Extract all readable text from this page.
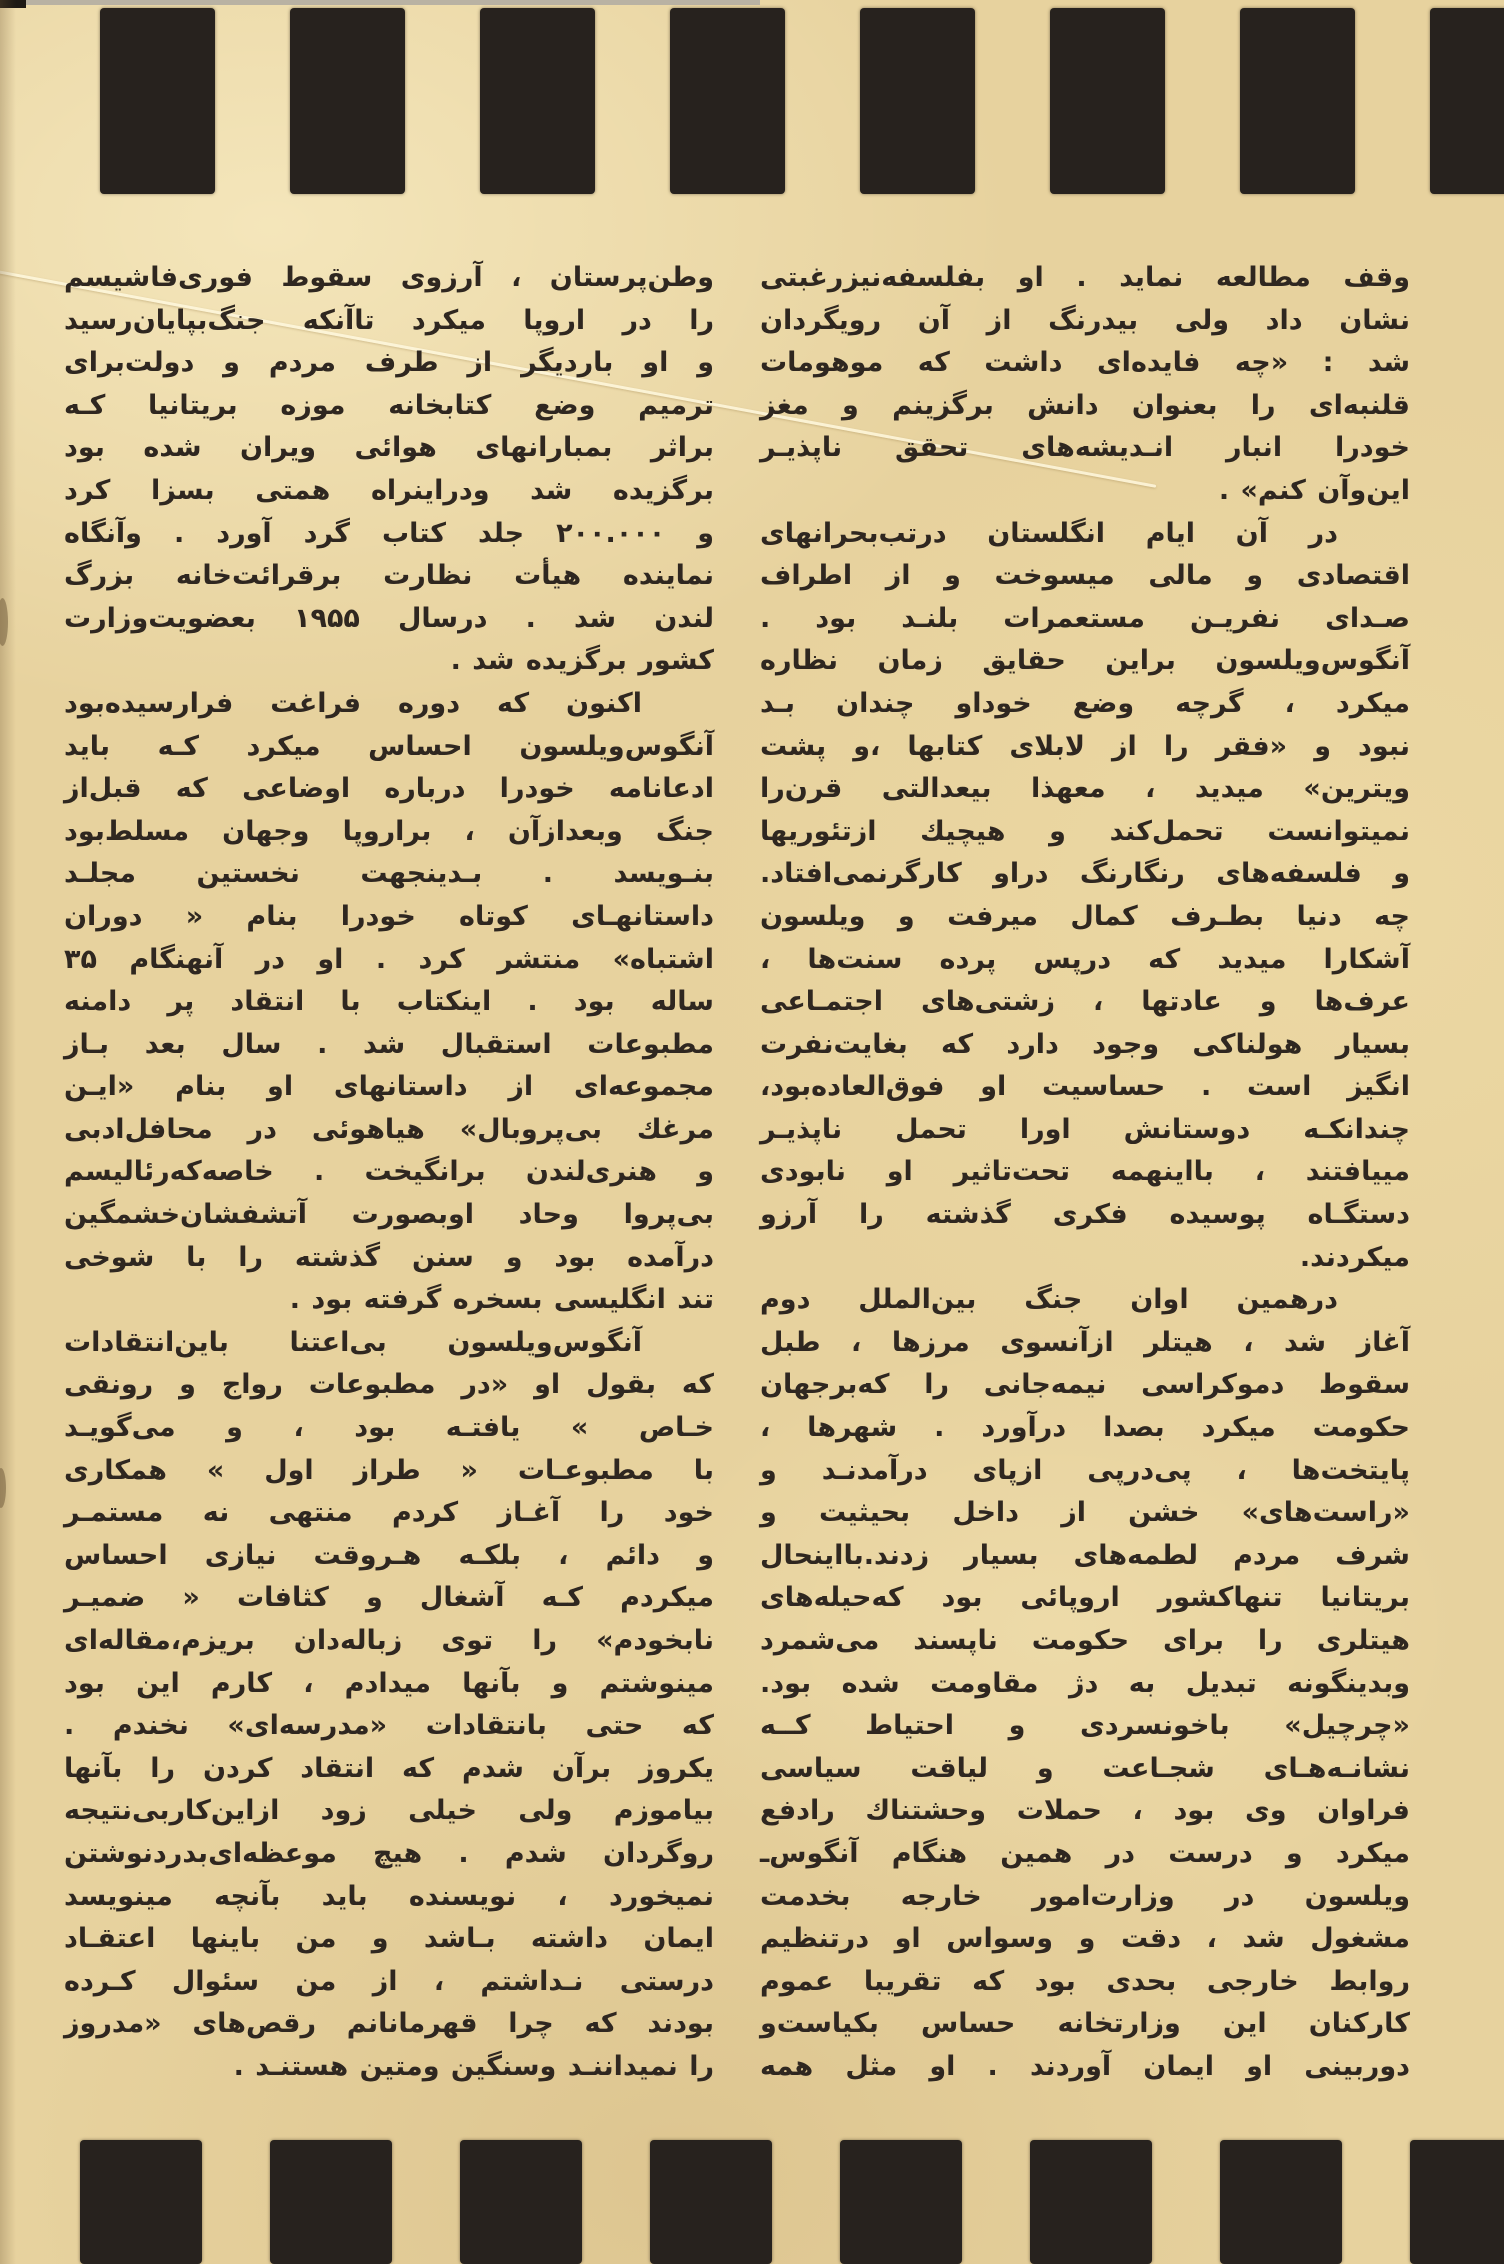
وقف مطالعه نماید . او بفلسفه‌نیزرغبتی
نشان داد ولی بیدرنگ از آن رویگردان
شد : «چه فایده‌ای داشت که موهومات
قلنبه‌ای را بعنوان دانش برگزینم و مغز
خودرا انبار انـدیشه‌های تحقق ناپذیـر
این‌وآن کنم» .
در آن ایام انگلستان درتب‌بحرانهای
اقتصادی و مالی میسوخت و از اطراف
صـدای نفریـن مستعمرات بلنـد بود .
آنگوس‌ویلسون براین حقایق زمان نظاره
میکرد ، گرچه وضع خوداو چندان بـد
نبود و «فقر را از لابلای کتابها ،و پشت
ویترین» میدید ، معهذا بیعدالتی قرن‌را
نمیتوانست تحمل‌کند و هیچیك ازتئوریها
و فلسفه‌های رنگارنگ دراو کارگرنمی‌افتاد.
چه دنیا بطـرف کمال میرفت و ویلسون
آشکارا میدید که درپس پرده سنت‌ها ،
عرف‌ها و عادتها ، زشتی‌های اجتمـاعی
بسیار هولناکی وجود دارد که بغایت‌نفرت
انگیز است . حساسیت او فوق‌العاده‌بود،
چندانکـه دوستانش اورا تحمل ناپذیـر
مییافتند ، بااینهمه تحت‌تاثیر او نابودی
دستگـاه پوسیده فکری گذشته را آرزو
میکردند.
درهمین اوان جنگ بین‌الملل دوم
آغاز شد ، هیتلر ازآنسوی مرزها ، طبل
سقوط دموکراسی نیمه‌جانی را که‌برجهان
حکومت میکرد بصدا درآورد . شهرها ،
پایتخت‌ها ، پی‌درپی ازپای درآمدنـد و
«راست‌های» خشن از داخل بحیثیت و
شرف مردم لطمه‌های بسیار زدند.بااینحال
بریتانیا تنهاکشور اروپائی بود که‌حیله‌های
هیتلری را برای حکومت ناپسند می‌شمرد
وبدینگونه تبدیل به دژ مقاومت شده بود.
«چرچیل» باخونسردی و احتیاط کــه
نشانـه‌هـای شجـاعت و لیاقت سیاسی
فراوان وی بود ، حملات وحشتناك رادفع
میکرد و درست در همین هنگام آنگوس‌ـ
ویلسون در وزارت‌امور خارجه بخدمت
مشغول شد ، دقت و وسواس او درتنظیم
روابط خارجی بحدی بود که تقریبا عموم
کارکنان این وزارتخانه حساس بکیاست‌و
دوربینی او ایمان آوردند . او مثل همه
وطن‌پرستان ، آرزوی سقوط فوری‌فاشیسم
را در اروپا میکرد تاآنکه جنگ‌بپایان‌رسید
و او باردیگر از طرف مردم و دولت‌برای
ترمیم وضع کتابخانه موزه بریتانیا کـه
براثر بمبارانهای هوائی ویران شده بود
برگزیده شد ودراینراه همتی بسزا کرد
و ۲۰۰.۰۰۰ جلد کتاب گرد آورد . وآنگاه
نماینده هیأت نظارت برقرائت‌خانه بزرگ
لندن شد . درسال ۱۹۵۵ بعضویت‌وزارت
کشور برگزیده شد .
اکنون که دوره فراغت فرارسیده‌بود
آنگوس‌ویلسون احساس میکرد کـه باید
ادعانامه خودرا درباره اوضاعی که قبل‌از
جنگ وبعدازآن ، براروپا وجهان مسلط‌بود
بنـویسد . بـدینجهت نخستین مجلـد
داستانهـای کوتاه خودرا بنام « دوران
اشتباه» منتشر کرد . او در آنهنگام ۳۵
ساله بود . اینکتاب با انتقاد پر دامنه
مطبوعات استقبال شد . سال بعد بـاز
مجموعه‌ای از داستانهای او بنام «ایـن
مرغك بی‌پروبال» هیاهوئی در محافل‌ادبی
و هنری‌لندن برانگیخت . خاصه‌که‌رئالیسم
بی‌پروا وحاد اوبصورت آتشفشان‌خشمگین
درآمده بود و سنن گذشته را با شوخی
تند انگلیسی بسخره گرفته بود .
آنگوس‌ویلسون بی‌اعتنا باین‌انتقادات
که بقول او «در مطبوعات رواج و رونقی
خـاص » یافتـه بود ، و می‌گویـد
با مطبوعـات « طراز اول » همکاری
خود را آغـاز کردم منتهی نه مستمـر
و دائم ، بلکـه هـروقت نیازی احساس
میکردم کـه آشغال و کثافات « ضمیـر
نابخودم» را توی زباله‌دان بریزم،مقاله‌ای
مینوشتم و بآنها میدادم ، کارم این بود
که حتی بانتقادات «مدرسه‌ای» نخندم .
یکروز برآن شدم که انتقاد کردن را بآنها
بیاموزم ولی خیلی زود ازاین‌کاربی‌نتیجه
روگردان شدم . هیچ موعظه‌ای‌بدردنوشتن
نمیخورد ، نویسنده باید بآنچه مینویسد
ایمان داشته بـاشد و من باینها اعتقـاد
درستی نـداشتم ، از من سئوال کـرده
بودند که چرا قهرمانانم رقص‌های «مدروز
را نمیداننـد وسنگین ومتین هستنـد .
